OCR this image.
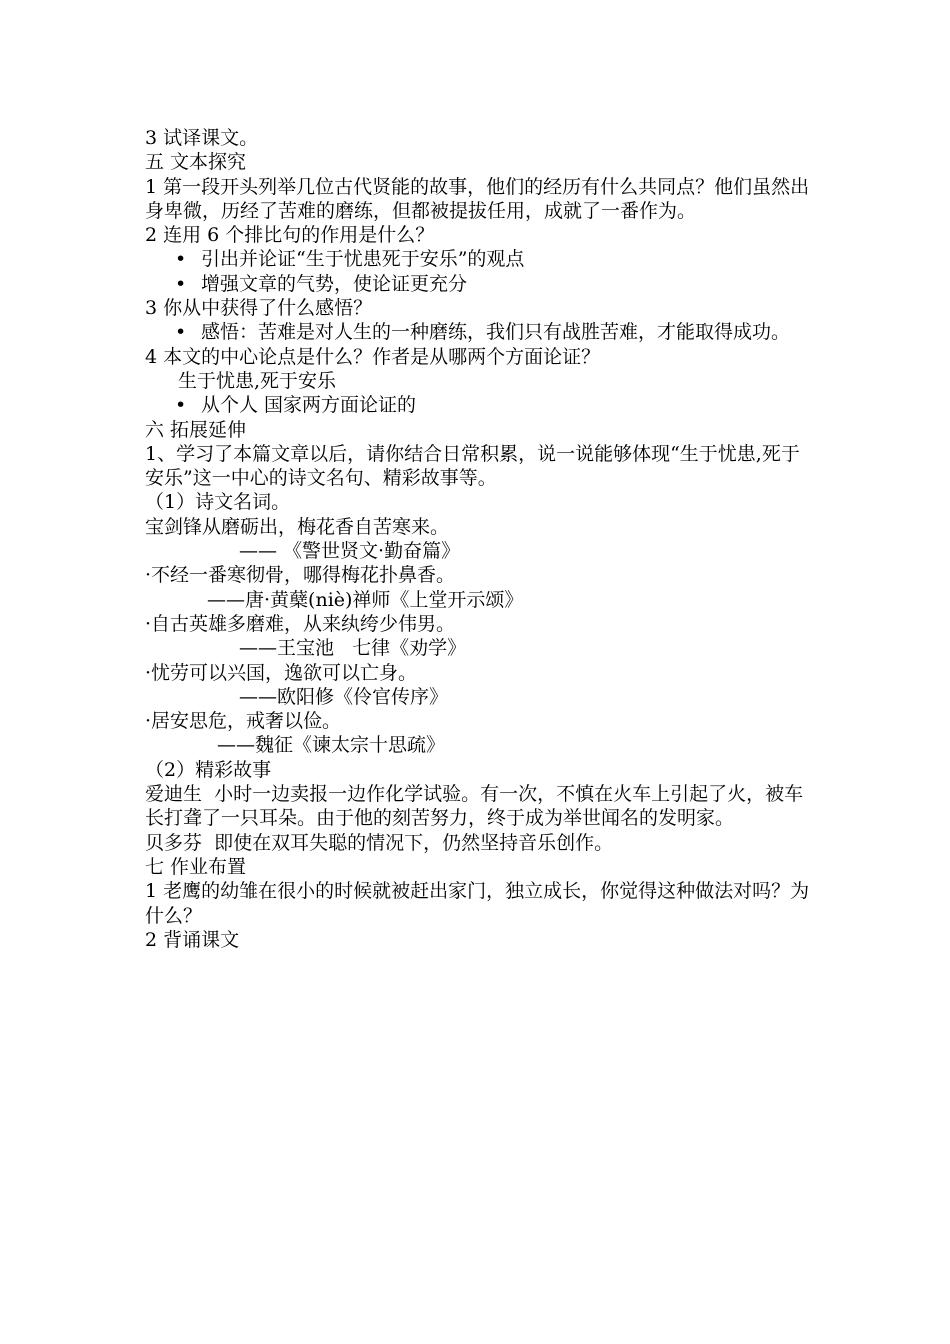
3 试译课文。

五 文本探究

1 第一段开头列举几位古代贤能的故事，他们的经历有什么共同点？他们虽然出身卑微，历经了苦难的磨练，但都被提拔任用，成就了一番作为。

2 连用 6 个排比句的作用是什么？

• 引出并论证“生于忧患死于安乐”的观点
• 增强文章的气势，使论证更充分

3 你从中获得了什么感悟？

• 感悟：苦难是对人生的一种磨练，我们只有战胜苦难，才能取得成功。

4 本文的中心论点是什么？作者是从哪两个方面论证？

生于忧患,死于安乐

• 从个人 国家两方面论证的

六 拓展延伸

1、学习了本篇文章以后，请你结合日常积累，说一说能够体现“生于忧患,死于安乐”这一中心的诗文名句、精彩故事等。

（1）诗文名词。

宝剑锋从磨砺出，梅花香自苦寒来。

—— 《警世贤文·勤奋篇》

·不经一番寒彻骨，哪得梅花扑鼻香。

——唐·黄蘖(niè)禅师《上堂开示颂》

·自古英雄多磨难，从来纨绔少伟男。

——王宝池   七律《劝学》

·忧劳可以兴国，逸欲可以亡身。

——欧阳修《伶官传序》

·居安思危，戒奢以俭。

——魏征《谏太宗十思疏》

（2）精彩故事

爱迪生  小时一边卖报一边作化学试验。有一次，不慎在火车上引起了火，被车长打聋了一只耳朵。由于他的刻苦努力，终于成为举世闻名的发明家。

贝多芬  即使在双耳失聪的情况下，仍然坚持音乐创作。

七 作业布置

1 老鹰的幼雏在很小的时候就被赶出家门，独立成长，你觉得这种做法对吗？为什么？

2 背诵课文
